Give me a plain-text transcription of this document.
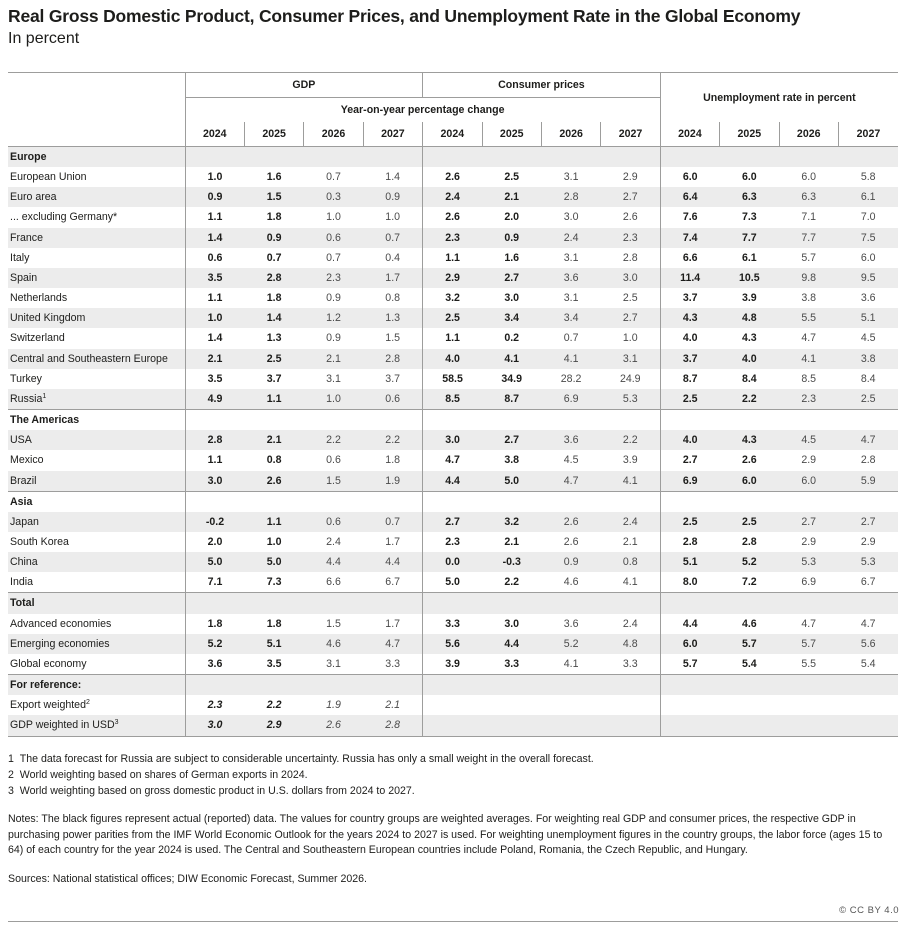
Real Gross Domestic Product, Consumer Prices, and Unemployment Rate in the Global Economy
In percent
	GDP				Consumer prices				Unemployment rate in percent			
	Year-on-year percentage change											
	2024	2025	2026	2027	2024	2025	2026	2027	2024	2025	2026	2027
Europe												
European Union	1.0	1.6	0.7	1.4	2.6	2.5	3.1	2.9	6.0	6.0	6.0	5.8
Euro area	0.9	1.5	0.3	0.9	2.4	2.1	2.8	2.7	6.4	6.3	6.3	6.1
... excluding Germany*	1.1	1.8	1.0	1.0	2.6	2.0	3.0	2.6	7.6	7.3	7.1	7.0
France	1.4	0.9	0.6	0.7	2.3	0.9	2.4	2.3	7.4	7.7	7.7	7.5
Italy	0.6	0.7	0.7	0.4	1.1	1.6	3.1	2.8	6.6	6.1	5.7	6.0
Spain	3.5	2.8	2.3	1.7	2.9	2.7	3.6	3.0	11.4	10.5	9.8	9.5
Netherlands	1.1	1.8	0.9	0.8	3.2	3.0	3.1	2.5	3.7	3.9	3.8	3.6
United Kingdom	1.0	1.4	1.2	1.3	2.5	3.4	3.4	2.7	4.3	4.8	5.5	5.1
Switzerland	1.4	1.3	0.9	1.5	1.1	0.2	0.7	1.0	4.0	4.3	4.7	4.5
Central and Southeastern Europe	2.1	2.5	2.1	2.8	4.0	4.1	4.1	3.1	3.7	4.0	4.1	3.8
Turkey	3.5	3.7	3.1	3.7	58.5	34.9	28.2	24.9	8.7	8.4	8.5	8.4
Russia$^1$	4.9	1.1	1.0	0.6	8.5	8.7	6.9	5.3	2.5	2.2	2.3	2.5
The Americas												
USA	2.8	2.1	2.2	2.2	3.0	2.7	3.6	2.2	4.0	4.3	4.5	4.7
Mexico	1.1	0.8	0.6	1.8	4.7	3.8	4.5	3.9	2.7	2.6	2.9	2.8
Brazil	3.0	2.6	1.5	1.9	4.4	5.0	4.7	4.1	6.9	6.0	6.0	5.9
Asia												
Japan	-0.2	1.1	0.6	0.7	2.7	3.2	2.6	2.4	2.5	2.5	2.7	2.7
South Korea	2.0	1.0	2.4	1.7	2.3	2.1	2.6	2.1	2.8	2.8	2.9	2.9
China	5.0	5.0	4.4	4.4	0.0	-0.3	0.9	0.8	5.1	5.2	5.3	5.3
India	7.1	7.3	6.6	6.7	5.0	2.2	4.6	4.1	8.0	7.2	6.9	6.7
Total												
Advanced economies	1.8	1.8	1.5	1.7	3.3	3.0	3.6	2.4	4.4	4.6	4.7	4.7
Emerging economies	5.2	5.1	4.6	4.7	5.6	4.4	5.2	4.8	6.0	5.7	5.7	5.6
Global economy	3.6	3.5	3.1	3.3	3.9	3.3	4.1	3.3	5.7	5.4	5.5	5.4
For reference:												
Export weighted$^2$	2.3	2.2	1.9	2.1								
GDP weighted in USD$^3$	3.0	2.9	2.6	2.8								
1 The data forecast for Russia are subject to considerable uncertainty. Russia has only a small weight in the overall forecast.
2 World weighting based on shares of German exports in 2024.
3 World weighting based on gross domestic product in U.S. dollars from 2024 to 2027.
Notes: The black figures represent actual (reported) data. The values for country groups are weighted averages. For weighting real GDP and consumer prices, the respective GDP in purchasing power parities from the IMF World Economic Outlook for the years 2024 to 2027 is used. For weighting unemployment figures in the country groups, the labor force (ages 15 to 64) of each country for the year 2024 is used. The Central and Southeastern European countries include Poland, Romania, the Czech Republic, and Hungary.
Sources: National statistical offices; DIW Economic Forecast, Summer 2026.
© CC BY 4.0
